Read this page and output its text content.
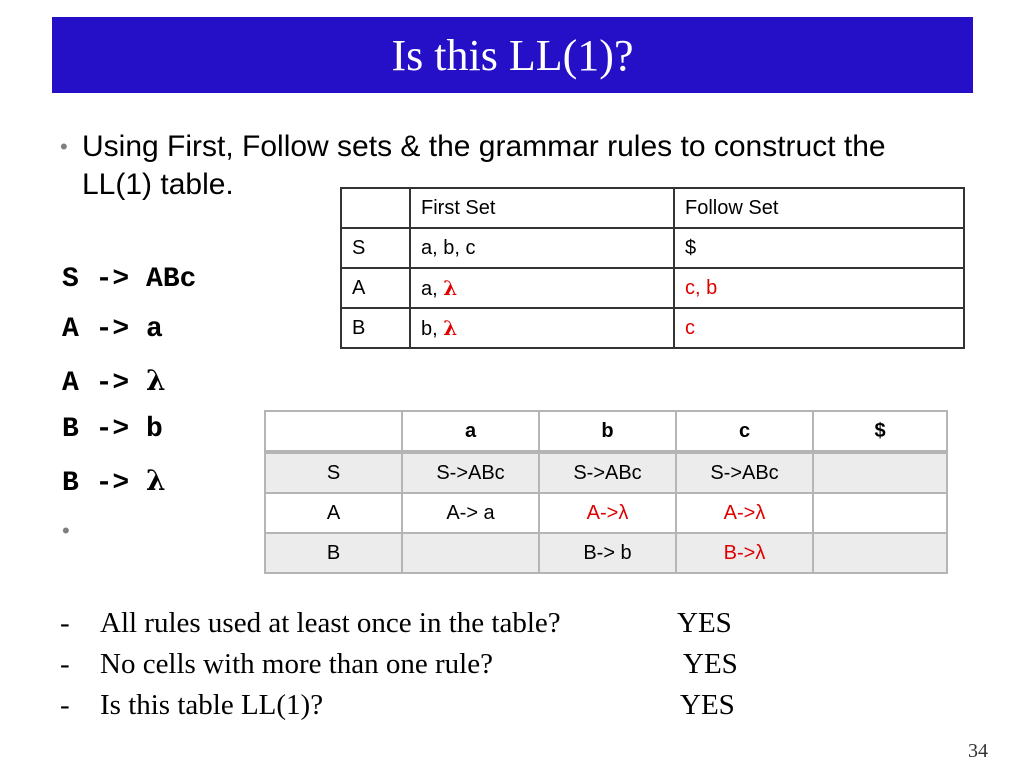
Is this LL(1)?
• Using First, Follow sets & the grammar rules to construct the LL(1) table.
S -> ABc
A -> a
A -> λ
B -> b
B -> λ
•
	First Set	Follow Set
S	a, b, c	$
A	a, λ	c, b
B	b, λ	c
	a	b	c	$
S	S->ABc	S->ABc	S->ABc	
A	A-> a	A->λ	A->λ	
B		B-> b	B->λ	
- All rules used at least once in the table?	YES
- No cells with more than one rule?	YES
- Is this table LL(1)?	YES
34
